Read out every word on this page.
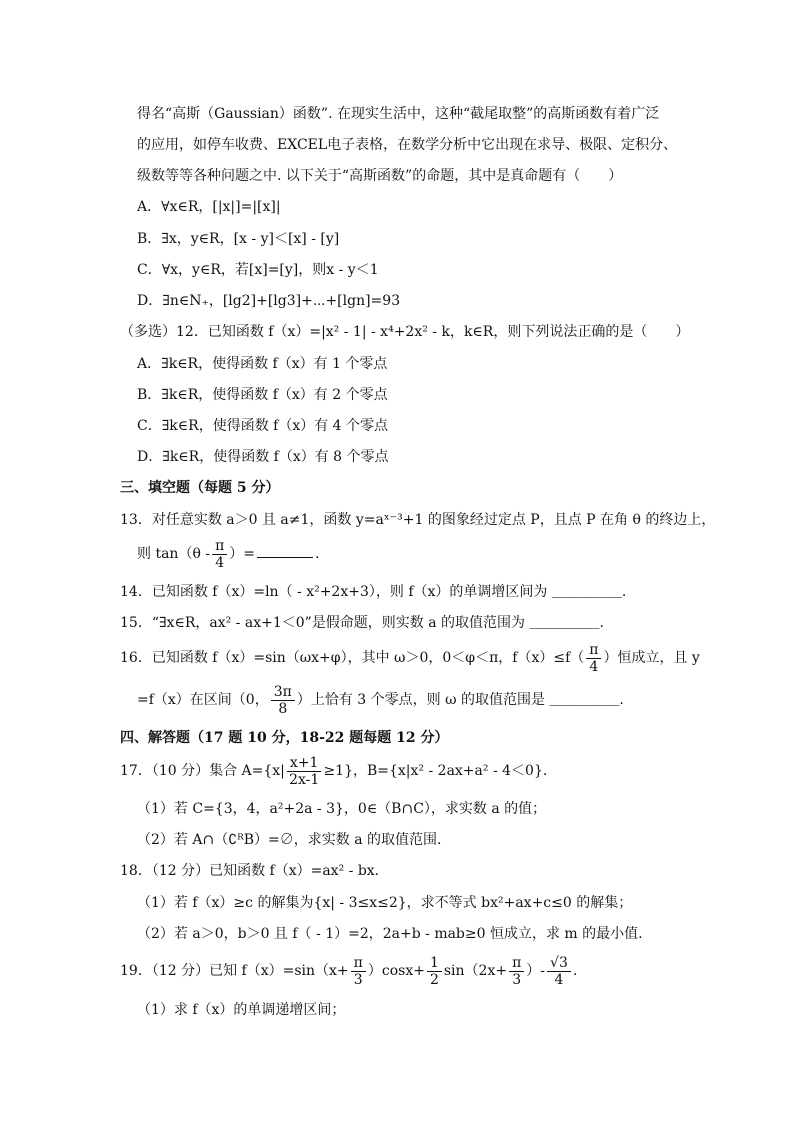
得名“高斯（Gaussian）函数”. 在现实生活中，这种“截尾取整”的高斯函数有着广泛
的应用，如停车收费、EXCEL电子表格，在数学分析中它出现在求导、极限、定积分、
级数等等各种问题之中. 以下关于“高斯函数”的命题，其中是真命题有（　　）
A．∀x∈R，[|x|]=|[x]|
B．∃x，y∈R，[x - y]＜[x] - [y]
C．∀x，y∈R，若[x]=[y]，则x - y＜1
D．∃n∈N₊，[lg2]+[lg3]+⋯+[lgn]=93
（多选）12．已知函数 f（x）=|x² - 1| - x⁴+2x² - k，k∈R，则下列说法正确的是（　　）
A．∃k∈R，使得函数 f（x）有 1 个零点
B．∃k∈R，使得函数 f（x）有 2 个零点
C．∃k∈R，使得函数 f（x）有 4 个零点
D．∃k∈R，使得函数 f（x）有 8 个零点
三、填空题（每题 5 分）
13．对任意实数 a＞0 且 a≠1，函数 y=aˣ⁻³+1 的图象经过定点 P，且点 P 在角 θ 的终边上，
则 $\tan(\theta - \frac{\pi}{4}$ ）=	.
14．已知函数 f（x）=ln（ - x²+2x+3），则 f（x）的单调增区间为 ＿＿＿＿＿.
15．“∃x∈R，ax² - ax+1＜0”是假命题，则实数 a 的取值范围为 ＿＿＿＿＿.
16．已知函数 f（x）=sin（ωx+φ），其中 ω＞0，0＜φ＜π，$f(x)\le f( \frac{\pi}{4}$ ）恒成立，且 y
=f（x）在区间（0， $\frac{3\pi}{8}$ ）上恰有 3 个零点，则 ω 的取值范围是 ＿＿＿＿＿.
四、解答题（17 题 10 分，18-22 题每题 12 分）
17．（10 分）集合 $A=\{x| \frac{x+1}{2x-1} \ge 1\}$，B={x|x² - 2ax+a² - 4＜0}.
（1）若 C={3，4，a²+2a - 3}，0∈（B∩C），求实数 a 的值；
（2）若 A∩（∁ᴿB）=∅，求实数 a 的取值范围.
18．（12 分）已知函数 f（x）=ax² - bx.
（1）若 f（x）≥c 的解集为{x| - 3≤x≤2}，求不等式 bx²+ax+c≤0 的解集；
（2）若 a＞0，b＞0 且 f（ - 1）=2，2a+b - mab≥0 恒成立，求 m 的最小值.
19．（12 分）已知 $f(x)=\sin(x+ \frac{\pi}{3} )\cos x+ \frac{1}{2} \sin(2x+ \frac{\pi}{3}$ ）- $\frac{√3}{4}$ .
（1）求 f（x）的单调递增区间；
